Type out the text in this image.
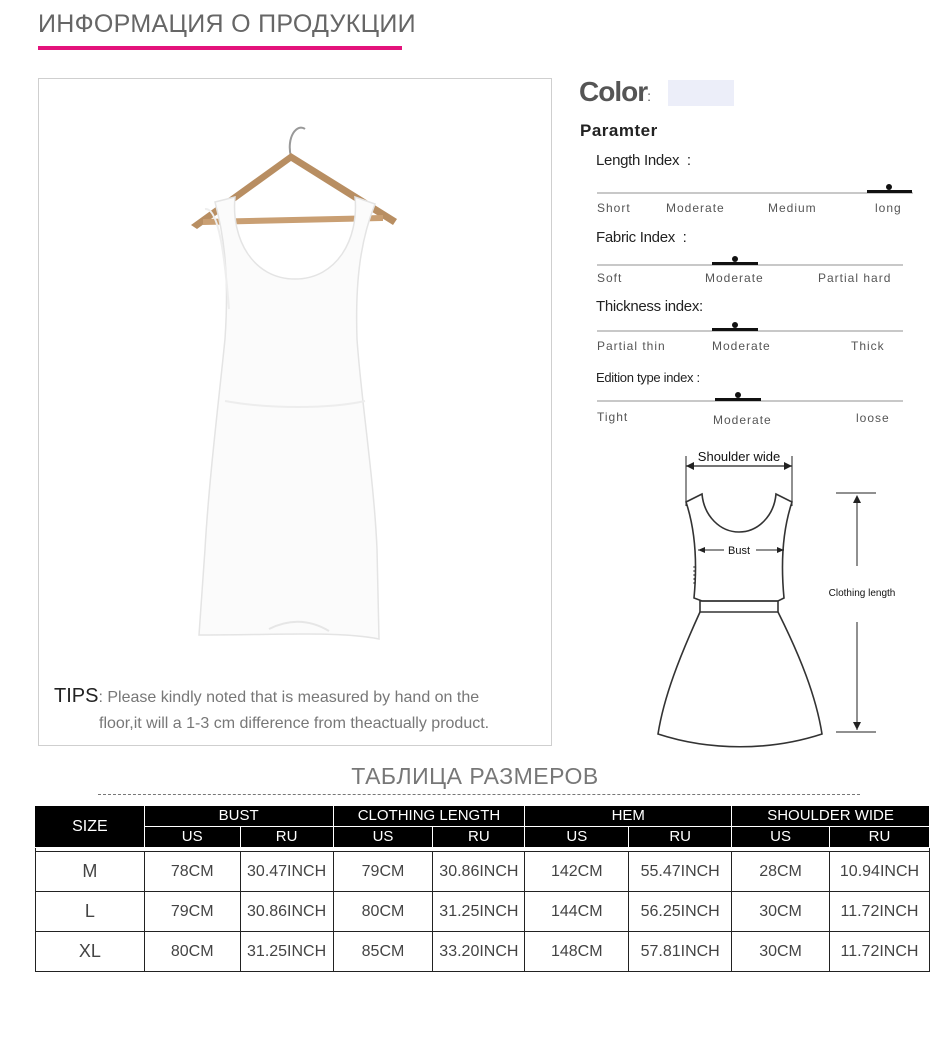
ИНФОРМАЦИЯ О ПРОДУКЦИИ
TIPS: Please kindly noted that is measured by hand on the
floor,it will a 1-3 cm difference from theactually product.
Color:
Paramter
Length Index  :
Short	Moderate	Medium	long
Fabric Index  :
Soft	Moderate	Partial hard
Thickness index:
Partial thin	Moderate	Thick
Edition type index :
Tight	Moderate	loose
Shoulder wide
Bust
Clothing length
ТАБЛИЦА РАЗМЕРОВ
SIZE	BUST		CLOTHING LENGTH		HEM		SHOULDER WIDE	
	US	RU	US	RU	US	RU	US	RU

M	78CM	30.47INCH	79CM	30.86INCH	142CM	55.47INCH	28CM	10.94INCH
L	79CM	30.86INCH	80CM	31.25INCH	144CM	56.25INCH	30CM	11.72INCH
XL	80CM	31.25INCH	85CM	33.20INCH	148CM	57.81INCH	30CM	11.72INCH
